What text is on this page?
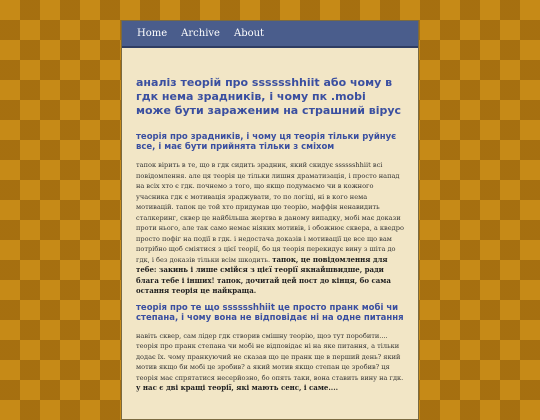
Home Archive About
аналіз теорій про sssssshhiit або чому в гдк нема зрадників, і чому пк .mobi може бути зараженим на страшний вірус
теорія про зрадників, і чому ця теорія тільки руйнує все, і має бути прийнята тільки з сміхом

тапок вірить в те, що в гдк сидить зрадник, який скидує sssssshhiit всі повідомлення. але ця теорія це тільки лишня драматизація, і просто напад на всіх хто є гдк. почнемо з того, що якщо подумаємо чи в кожного учасника гдк є мотивація зраджувати, то по логіці, ні в кого нема мотивацій. тапок це той хто придумав цю теорію, маффін ненавидить сталкеринг, сквер це найбільша жертва в даному випадку, мобі має докази проти нього, але так само немає ніяких мотивів, і обожнює сквера, а кведро просто пофіг на події в гдк. і недостача доказів і мотивації це все що вам потрібно щоб сміятися з цієї теорії, бо ця теорія перекидує вину з шіта до гдк, і без доказів тільки всім шкодить. тапок, це повідомлення для тебе: закинь і лише смійся з цієї теорії якнайшвидше, ради блага тебе і інших! тапок, дочитай цей пост до кінця, бо сама остання теорія це найкраща.

теорія про те що sssssshhiit це просто пранк мобі чи степана, і чому вона не відповідає ні на одне питання

навіть сквер, сам лідер гдк створив смішну теорію, щоэ тут поробити.... теорія про пранк степана чи мобі не відповідає ні на яке питання, а тільки додає їх. чому пранкуючий не сказав що це пранк ще в перший день? який мотив якщо би мобі це зробив? а який мотив якщо степан це зробив? ця теорія має спрятатися несерйозно, бо опять таки, вона ставить вину на гдк. у нас є дві кращі теорії, які мають сенс, і саме....
